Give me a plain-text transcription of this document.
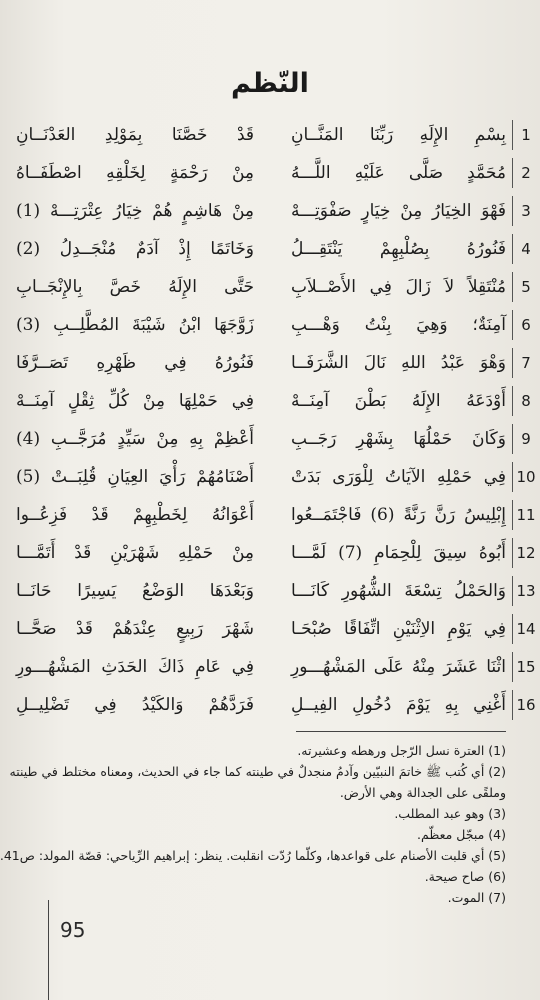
النّظم
1
بِسْمِ الإِلَهِ رَبِّنَا المَنَّــانِ
قَدْ خَصَّنَا بِمَوْلِدِ العَدْنَــانِ
2
مُحَمَّدٍ صَلَّى عَلَيْهِ اللَّـــهُ
مِنْ رَحْمَةٍ لِخَلْقِهِ اصْطَفَــاهُ
3
فَهْوَ الخِيَارُ مِنْ خِيَارٍ صَفْوَتِـــهْ
مِنْ هَاشِمٍ هُمْ خِيَارُ عِتْرَتِـــهْ (1)
4
فَنُورُهُ بِصُلْبِهِمْ يَنْتَقِـــلُ
وَخَاتَمًا إِذْ آدَمٌ مُنْجَــدِلُ (2)
5
مُنْتَقِلاً لاَ زَالَ فِي الأَصْــلاَبِ
حَتَّى الإِلَهُ خَصَّ بِالإِنْجَــابِ
6
آمِنَةٌ؛ وَهِيَ بِنْتُ وَهْـــبِ
زَوَّجَهَا ابْنُ شَيْبَةَ المُطَّلِــبِ (3)
7
وَهْوَ عَبْدُ اللهِ نَالَ الشَّرَفَــا
فَنُورُهُ فِي ظَهْرِهِ تَصَــرَّفَا
8
أَوْدَعَهُ الإِلَهُ بَطْنَ آمِنَــهْ
فِي حَمْلِهَا مِنْ كُلِّ ثِقْلٍ آمِنَــهْ
9
وَكَانَ حَمْلُهَا بِشَهْرِ رَجَــبِ
أَعْظِمْ بِهِ مِنْ سَيِّدٍ مُرَجَّــبِ (4)
10
فِي حَمْلِهِ الآيَاتُ لِلْوَرَى بَدَتْ
أَصْنَامُهُمْ رَأْيَ العِيَانِ قُلِبَــتْ (5)
11
إِبْلِيسُ رَنَّ رَنَّةً (6) فَاجْتَمَــعُوا
أَعْوَانُهُ لِخَطْبِهِمْ قَدْ فَزِعُــوا
12
أَبُوهُ سِيقَ لِلْحِمَامِ (7) لَمَّـــا
مِنْ حَمْلِهِ شَهْرَيْنِ قَدْ أَتَمَّـــا
13
وَالحَمْلُ تِسْعَةَ الشُّهُورِ كَانَـــا
وَبَعْدَهَا الوَضْعُ يَسِيرًا حَانَــا
14
فِي يَوْمِ الاِثْنَيْنِ اتِّفَاقًا صُبْحَـا
شَهْرَ رَبِيعٍ عِنْدَهُمْ قَدْ صَحَّــا
15
اثْنَا عَشَرَ مِنْهُ عَلَى المَشْهُـــورِ
فِي عَامِ ذَاكَ الحَدَثِ المَشْهُـــورِ
16
أَغْنِي بِهِ يَوْمَ دُخُولِ الفِيــلِ
فَرَدَّهُمْ وَالكَيْدُ فِي تَضْلِيــلِ
(1) العترة نسل الرّجل ورهطه وعشيرته.
(2) أي كُتب ﷺ خاتمَ النبيّين وآدمُ منجدلٌ في طينته كما جاء في الحديث، ومعناه مختلط في طينته
وملقًى على الجدالة وهي الأرض.
(3) وهو عبد المطلب.
(4) مبجّل معظّم.
(5) أي قلبت الأصنام على قواعدها، وكلّما رُدّت انقلبت. ينظر: إبراهيم الرِّياحي: قصّة المولد: ص41.
(6) صاح صيحة.
(7) الموت.
95
